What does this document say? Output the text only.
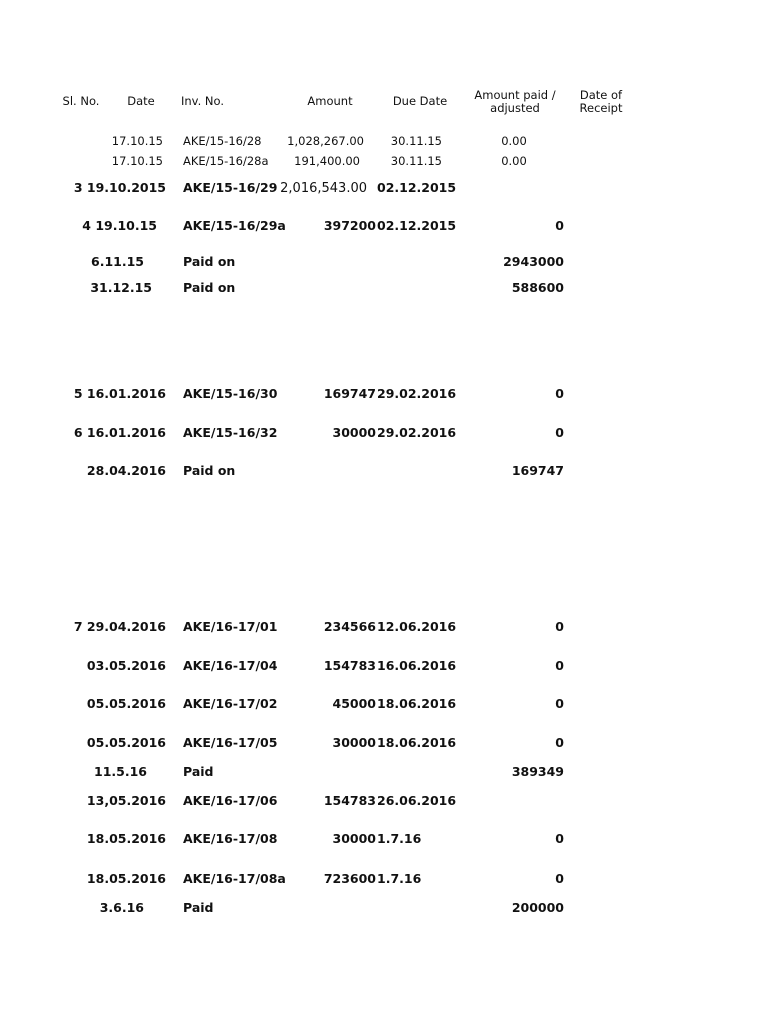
Sl. No.	Date	Inv. No.	Amount	Due Date	Amount paid /
adjusted
Date of
Receipt
17.10.15 AKE/15-16/28	1,028,267.00	30.11.15	0.00
17.10.15 AKE/15-16/28a	191,400.00	30.11.15	0.00
3 19.10.2015 AKE/15-16/29 2,016,543.00 02.12.2015
4 19.10.15 AKE/15-16/29a	397200 02.12.2015	0
6.11.15	Paid on	2943000
31.12.15 Paid on	588600
5 16.01.2016 AKE/15-16/30	169747 29.02.2016	0
6 16.01.2016 AKE/15-16/32	30000 29.02.2016	0
28.04.2016 Paid on	169747
7 29.04.2016 AKE/16-17/01	234566 12.06.2016	0
03.05.2016 AKE/16-17/04	154783 16.06.2016	0
05.05.2016 AKE/16-17/02	45000 18.06.2016	0
05.05.2016 AKE/16-17/05	30000 18.06.2016	0
11.5.16	Paid	389349
13,05.2016 AKE/16-17/06	154783 26.06.2016
18.05.2016 AKE/16-17/08	30000 1.7.16	0
18.05.2016 AKE/16-17/08a	723600 1.7.16	0
3.6.16	Paid	200000
